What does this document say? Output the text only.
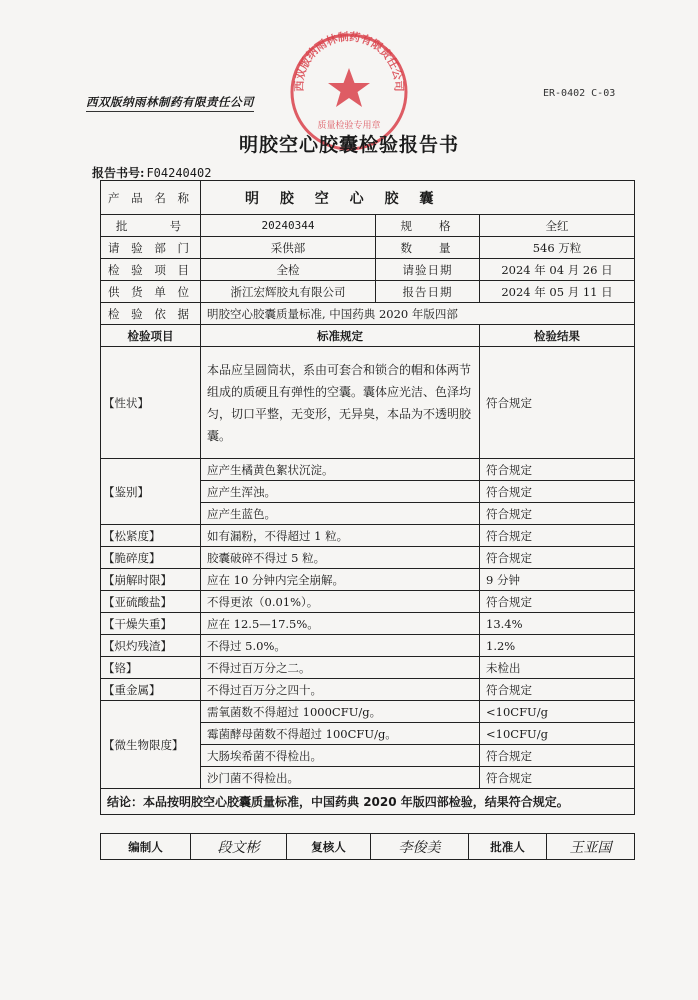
西双版纳雨林制药有限责任公司
质量检验专用章
西双版纳雨林制药有限责任公司
ER-0402 C-03
明胶空心胶囊检验报告书
报告书号: F04240402
产 品 名 称	明 胶 空 心 胶 囊		
批     号	20240344	规   格	全红
请 验 部 门	采供部	数   量	546 万粒
检 验 项 目	全检	请验日期	2024 年 04 月 26 日
供 货 单 位	浙江宏辉胶丸有限公司	报告日期	2024 年 05 月 11 日
检 验 依 据	明胶空心胶囊质量标准, 中国药典 2020 年版四部		
检验项目	标准规定		检验结果
【性状】	本品应呈圆筒状，系由可套合和锁合的帽和体两节组成的质硬且有弹性的空囊。囊体应光洁、色泽均匀，切口平整，无变形，无异臭，本品为不透明胶囊。		符合规定
【鉴别】	应产生橘黄色絮状沉淀。		符合规定
	应产生浑浊。		符合规定
	应产生蓝色。		符合规定
【松紧度】	如有漏粉，不得超过 1 粒。		符合规定
【脆碎度】	胶囊破碎不得过 5 粒。		符合规定
【崩解时限】	应在 10 分钟内完全崩解。		9 分钟
【亚硫酸盐】	不得更浓（0.01%）。		符合规定
【干燥失重】	应在 12.5—17.5%。		13.4%
【炽灼残渣】	不得过 5.0%。		1.2%
【铬】	不得过百万分之二。		未检出
【重金属】	不得过百万分之四十。		符合规定
【微生物限度】	需氧菌数不得超过 1000CFU/g。		<10CFU/g
	霉菌酵母菌数不得超过 100CFU/g。		<10CFU/g
	大肠埃希菌不得检出。		符合规定
	沙门菌不得检出。		符合规定
结论：本品按明胶空心胶囊质量标准，中国药典 2020 年版四部检验，结果符合规定。			
编制人	段文彬	复核人	李俊美	批准人	王亚国
